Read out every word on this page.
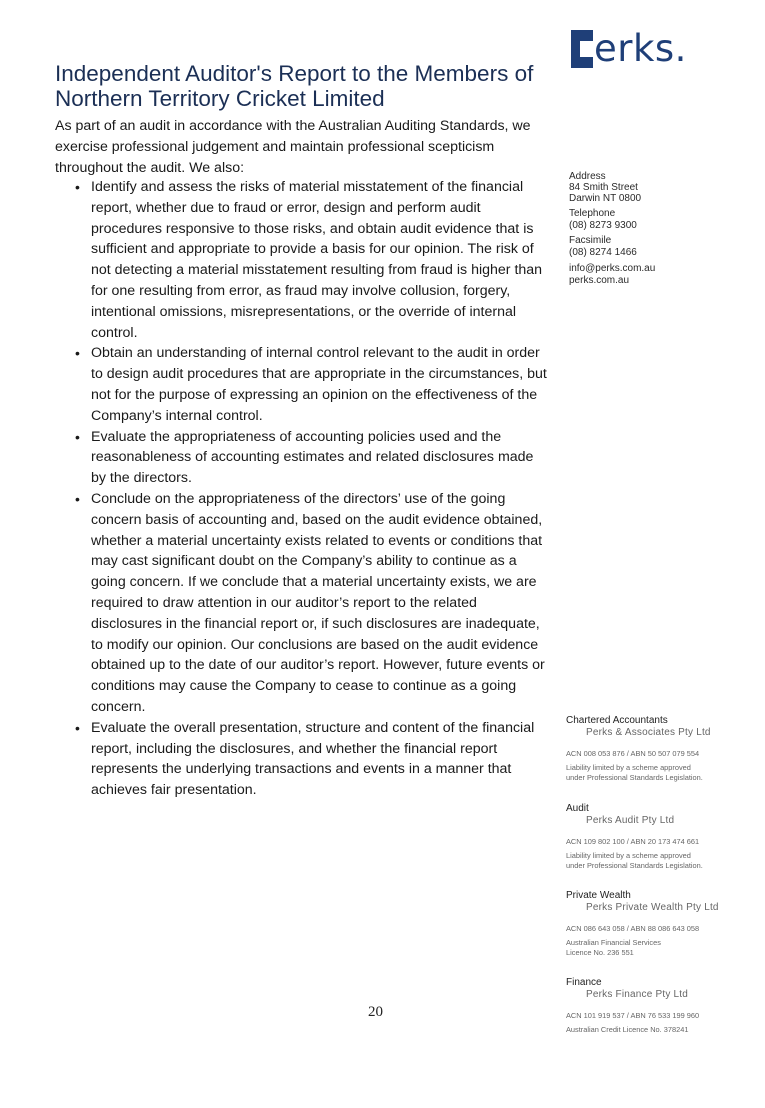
erks.
Independent Auditor's Report to the Members of Northern Territory Cricket Limited

As part of an audit in accordance with the Australian Auditing Standards, we exercise professional judgement and maintain professional scepticism throughout the audit. We also:

• Identify and assess the risks of material misstatement of the financial report, whether due to fraud or error, design and perform audit procedures responsive to those risks, and obtain audit evidence that is sufficient and appropriate to provide a basis for our opinion. The risk of not detecting a material misstatement resulting from fraud is higher than for one resulting from error, as fraud may involve collusion, forgery, intentional omissions, misrepresentations, or the override of internal control.
• Obtain an understanding of internal control relevant to the audit in order to design audit procedures that are appropriate in the circumstances, but not for the purpose of expressing an opinion on the effectiveness of the Company’s internal control.
• Evaluate the appropriateness of accounting policies used and the reasonableness of accounting estimates and related disclosures made by the directors.
• Conclude on the appropriateness of the directors’ use of the going concern basis of accounting and, based on the audit evidence obtained, whether a material uncertainty exists related to events or conditions that may cast significant doubt on the Company’s ability to continue as a going concern. If we conclude that a material uncertainty exists, we are required to draw attention in our auditor’s report to the related disclosures in the financial report or, if such disclosures are inadequate, to modify our opinion. Our conclusions are based on the audit evidence obtained up to the date of our auditor’s report. However, future events or conditions may cause the Company to cease to continue as a going concern.
• Evaluate the overall presentation, structure and content of the financial report, including the disclosures, and whether the financial report represents the underlying transactions and events in a manner that achieves fair presentation.
Address
84 Smith Street
Darwin NT 0800
Telephone
(08) 8273 9300
Facsimile
(08) 8274 1466
info@perks.com.au
perks.com.au
Chartered Accountants
Perks & Associates Pty Ltd
ACN 008 053 876 / ABN 50 507 079 554
Liability limited by a scheme approved
under Professional Standards Legislation.
Audit
Perks Audit Pty Ltd
ACN 109 802 100 / ABN 20 173 474 661
Liability limited by a scheme approved
under Professional Standards Legislation.
Private Wealth
Perks Private Wealth Pty Ltd
ACN 086 643 058 / ABN 88 086 643 058
Australian Financial Services
Licence No. 236 551
Finance
Perks Finance Pty Ltd
ACN 101 919 537 / ABN 76 533 199 960
Australian Credit Licence No. 378241
20
